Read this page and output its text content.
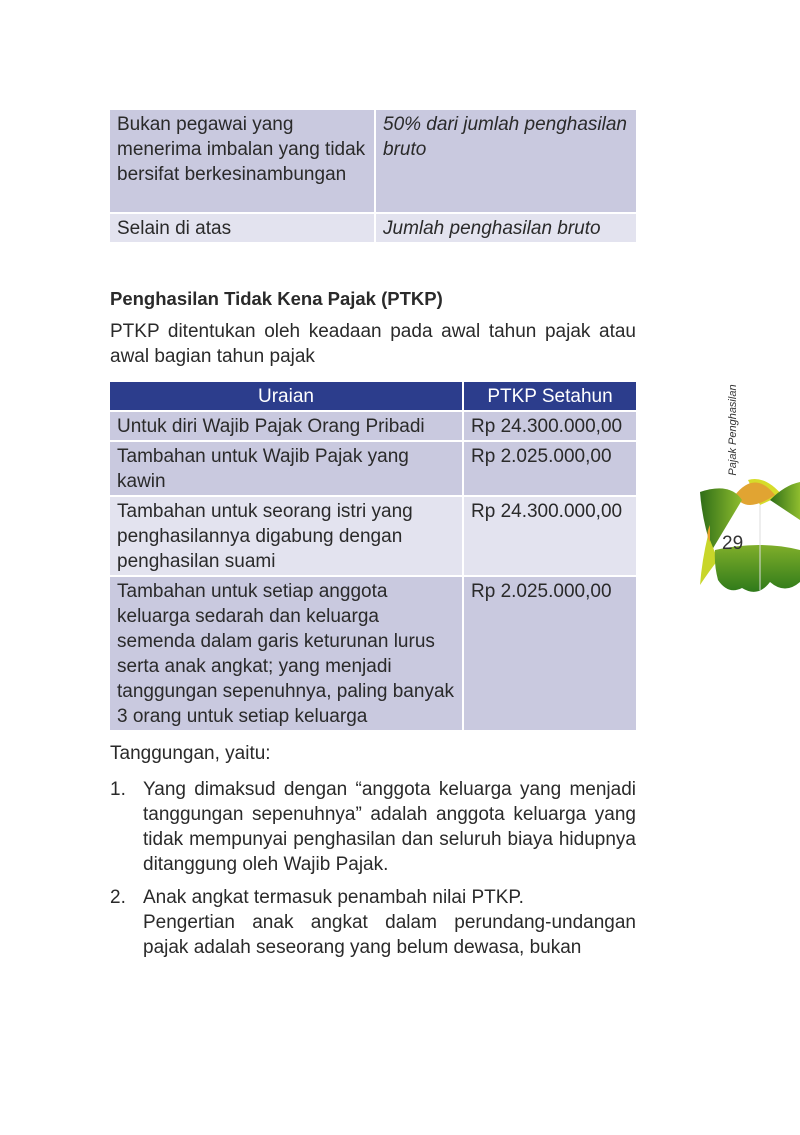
Bukan pegawai yang menerima imbalan yang tidak bersifat berkesinambungan	50% dari jumlah penghasilan bruto
Selain di atas	Jumlah penghasilan bruto
Penghasilan Tidak Kena Pajak (PTKP)
PTKP ditentukan oleh keadaan pada awal tahun pajak atau awal bagian tahun pajak
Uraian	PTKP Setahun
Untuk diri Wajib Pajak Orang Pribadi	Rp 24.300.000,00
Tambahan untuk Wajib Pajak yang kawin	Rp 2.025.000,00
Tambahan untuk seorang istri yang penghasilannya digabung dengan penghasilan suami	Rp 24.300.000,00
Tambahan untuk setiap anggota keluarga sedarah dan keluarga semenda dalam garis keturunan lurus serta anak angkat; yang menjadi tanggungan sepenuhnya, paling banyak 3 orang untuk setiap keluarga	Rp 2.025.000,00
Tanggungan, yaitu:
1. Yang dimaksud dengan “anggota keluarga yang menjadi tanggungan sepenuhnya” adalah anggota keluarga yang tidak mempunyai penghasilan dan seluruh biaya hidupnya ditanggung oleh Wajib Pajak.
2. Anak angkat termasuk penambah nilai PTKP.
Pengertian anak angkat dalam perundang-undangan pajak adalah seseorang yang belum dewasa, bukan
Pajak Penghasilan
29
